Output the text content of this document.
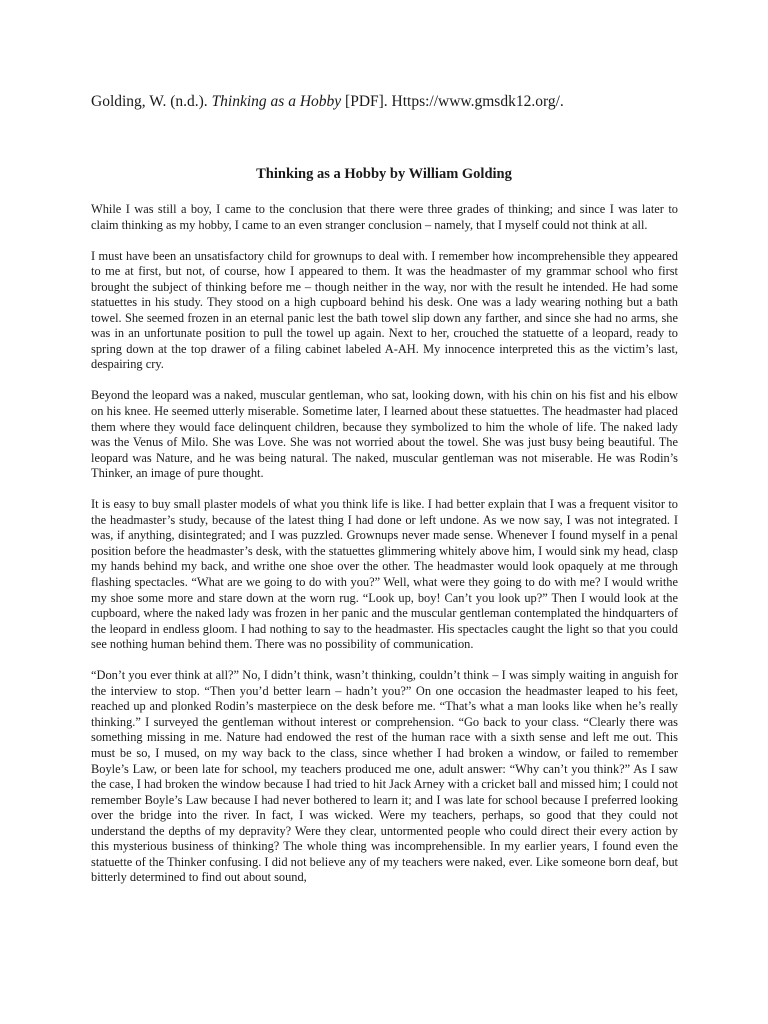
Golding, W. (n.d.). Thinking as a Hobby [PDF]. Https://www.gmsdk12.org/.
Thinking as a Hobby by William Golding

While I was still a boy, I came to the conclusion that there were three grades of thinking; and since I was later to claim thinking as my hobby, I came to an even stranger conclusion – namely, that I myself could not think at all.

I must have been an unsatisfactory child for grownups to deal with. I remember how incomprehensible they appeared to me at first, but not, of course, how I appeared to them. It was the headmaster of my grammar school who first brought the subject of thinking before me – though neither in the way, nor with the result he intended. He had some statuettes in his study. They stood on a high cupboard behind his desk. One was a lady wearing nothing but a bath towel. She seemed frozen in an eternal panic lest the bath towel slip down any farther, and since she had no arms, she was in an unfortunate position to pull the towel up again. Next to her, crouched the statuette of a leopard, ready to spring down at the top drawer of a filing cabinet labeled A-AH. My innocence interpreted this as the victim’s last, despairing cry.

Beyond the leopard was a naked, muscular gentleman, who sat, looking down, with his chin on his fist and his elbow on his knee. He seemed utterly miserable. Sometime later, I learned about these statuettes. The headmaster had placed them where they would face delinquent children, because they symbolized to him the whole of life. The naked lady was the Venus of Milo. She was Love. She was not worried about the towel. She was just busy being beautiful. The leopard was Nature, and he was being natural. The naked, muscular gentleman was not miserable. He was Rodin’s Thinker, an image of pure thought.

It is easy to buy small plaster models of what you think life is like. I had better explain that I was a frequent visitor to the headmaster’s study, because of the latest thing I had done or left undone. As we now say, I was not integrated. I was, if anything, disintegrated; and I was puzzled. Grownups never made sense. Whenever I found myself in a penal position before the headmaster’s desk, with the statuettes glimmering whitely above him, I would sink my head, clasp my hands behind my back, and writhe one shoe over the other. The headmaster would look opaquely at me through flashing spectacles. “What are we going to do with you?” Well, what were they going to do with me? I would writhe my shoe some more and stare down at the worn rug. “Look up, boy! Can’t you look up?” Then I would look at the cupboard, where the naked lady was frozen in her panic and the muscular gentleman contemplated the hindquarters of the leopard in endless gloom. I had nothing to say to the headmaster. His spectacles caught the light so that you could see nothing human behind them. There was no possibility of communication.

“Don’t you ever think at all?” No, I didn’t think, wasn’t thinking, couldn’t think – I was simply waiting in anguish for the interview to stop. “Then you’d better learn – hadn’t you?” On one occasion the headmaster leaped to his feet, reached up and plonked Rodin’s masterpiece on the desk before me. “That’s what a man looks like when he’s really thinking.” I surveyed the gentleman without interest or comprehension. “Go back to your class. “Clearly there was something missing in me. Nature had endowed the rest of the human race with a sixth sense and left me out. This must be so, I mused, on my way back to the class, since whether I had broken a window, or failed to remember Boyle’s Law, or been late for school, my teachers produced me one, adult answer: “Why can’t you think?” As I saw the case, I had broken the window because I had tried to hit Jack Arney with a cricket ball and missed him; I could not remember Boyle’s Law because I had never bothered to learn it; and I was late for school because I preferred looking over the bridge into the river. In fact, I was wicked. Were my teachers, perhaps, so good that they could not understand the depths of my depravity? Were they clear, untormented people who could direct their every action by this mysterious business of thinking? The whole thing was incomprehensible. In my earlier years, I found even the statuette of the Thinker confusing. I did not believe any of my teachers were naked, ever. Like someone born deaf, but bitterly determined to find out about sound,
